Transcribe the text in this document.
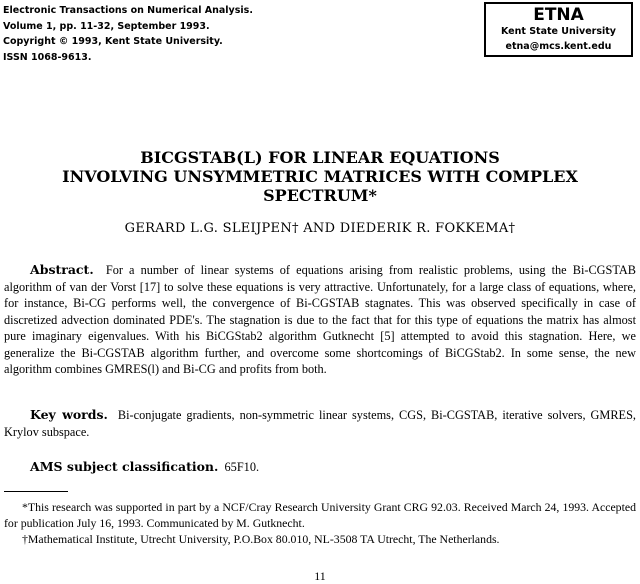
Electronic Transactions on Numerical Analysis.
Volume 1, pp. 11-32, September 1993.
Copyright © 1993, Kent State University.
ISSN 1068-9613.
ETNA
Kent State University
etna@mcs.kent.edu
BICGSTAB(L) FOR LINEAR EQUATIONS
INVOLVING UNSYMMETRIC MATRICES WITH COMPLEX
SPECTRUM*
GERARD L.G. SLEIJPEN† AND DIEDERIK R. FOKKEMA†
Abstract. For a number of linear systems of equations arising from realistic problems, using the Bi-CGSTAB algorithm of van der Vorst [17] to solve these equations is very attractive. Unfortunately, for a large class of equations, where, for instance, Bi-CG performs well, the convergence of Bi-CGSTAB stagnates. This was observed specifically in case of discretized advection dominated PDE's. The stagnation is due to the fact that for this type of equations the matrix has almost pure imaginary eigenvalues. With his BiCGStab2 algorithm Gutknecht [5] attempted to avoid this stagnation. Here, we generalize the Bi-CGSTAB algorithm further, and overcome some shortcomings of BiCGStab2. In some sense, the new algorithm combines GMRES(l) and Bi-CG and profits from both.
Key words. Bi-conjugate gradients, non-symmetric linear systems, CGS, Bi-CGSTAB, iterative solvers, GMRES, Krylov subspace.
AMS subject classification. 65F10.
*This research was supported in part by a NCF/Cray Research University Grant CRG 92.03. Received March 24, 1993. Accepted for publication July 16, 1993. Communicated by M. Gutknecht.
†Mathematical Institute, Utrecht University, P.O.Box 80.010, NL-3508 TA Utrecht, The Netherlands.
11
